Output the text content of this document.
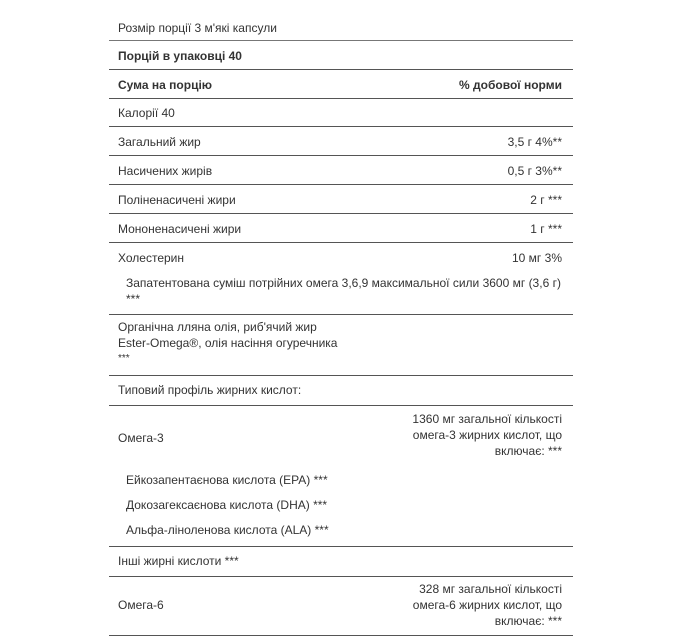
Розмір порції 3 м'які капсули
Порцій в упаковці 40
Сума на порцію	% добової норми
Калорії 40
Загальний жир	3,5 г 4%**
Насичених жирів	0,5 г 3%**
Поліненасичені жири	2 г ***
Мононенасичені жири	1 г ***
Холестерин	10 мг 3%
Запатентована суміш потрійних омега 3,6,9 максимальної сили 3600 мг (3,6 г) ***
Органічна лляна олія, риб'ячий жир
Ester-Omega®, олія насіння огуречника
***
Типовий профіль жирних кислот:
Омега-3
1360 мг загальної кількості
омега-3 жирних кислот, що
включає: ***
Ейкозапентаєнова кислота (EPA) ***
Докозагексаєнова кислота (DHA) ***
Альфа-ліноленова кислота (ALA) ***
Інші жирні кислоти ***
Омега-6
328 мг загальної кількості
омега-6 жирних кислот, що
включає: ***
